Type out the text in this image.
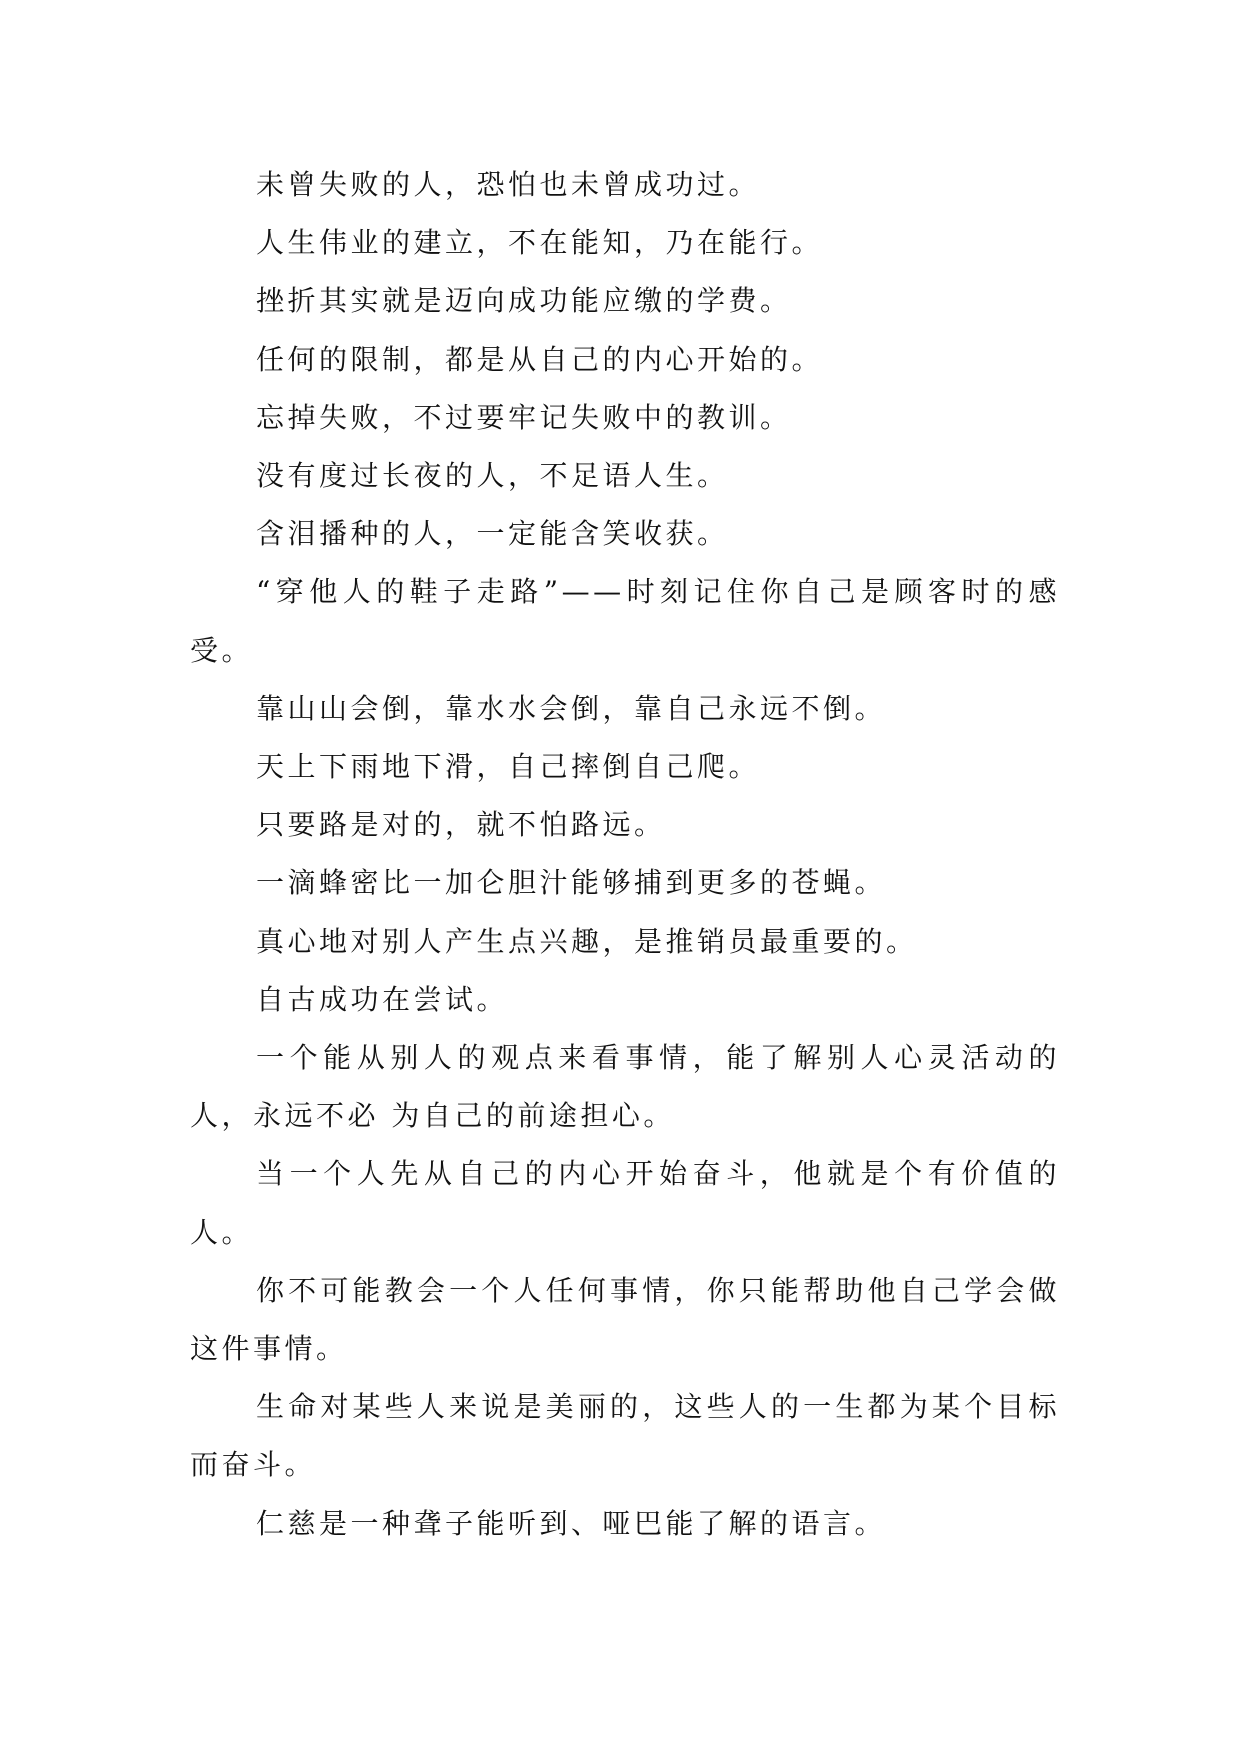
未曾失败的人，恐怕也未曾成功过。

人生伟业的建立，不在能知，乃在能行。

挫折其实就是迈向成功能应缴的学费。

任何的限制，都是从自己的内心开始的。

忘掉失败，不过要牢记失败中的教训。

没有度过长夜的人，不足语人生。

含泪播种的人，一定能含笑收获。

“穿他人的鞋子走路”——时刻记住你自己是顾客时的感受。

靠山山会倒，靠水水会倒，靠自己永远不倒。

天上下雨地下滑，自己摔倒自己爬。

只要路是对的，就不怕路远。

一滴蜂密比一加仑胆汁能够捕到更多的苍蝇。

真心地对别人产生点兴趣，是推销员最重要的。

自古成功在尝试。

一个能从别人的观点来看事情，能了解别人心灵活动的人，永远不必 为自己的前途担心。

当一个人先从自己的内心开始奋斗，他就是个有价值的人。

你不可能教会一个人任何事情，你只能帮助他自己学会做这件事情。

生命对某些人来说是美丽的，这些人的一生都为某个目标而奋斗。

仁慈是一种聋子能听到、哑巴能了解的语言。
